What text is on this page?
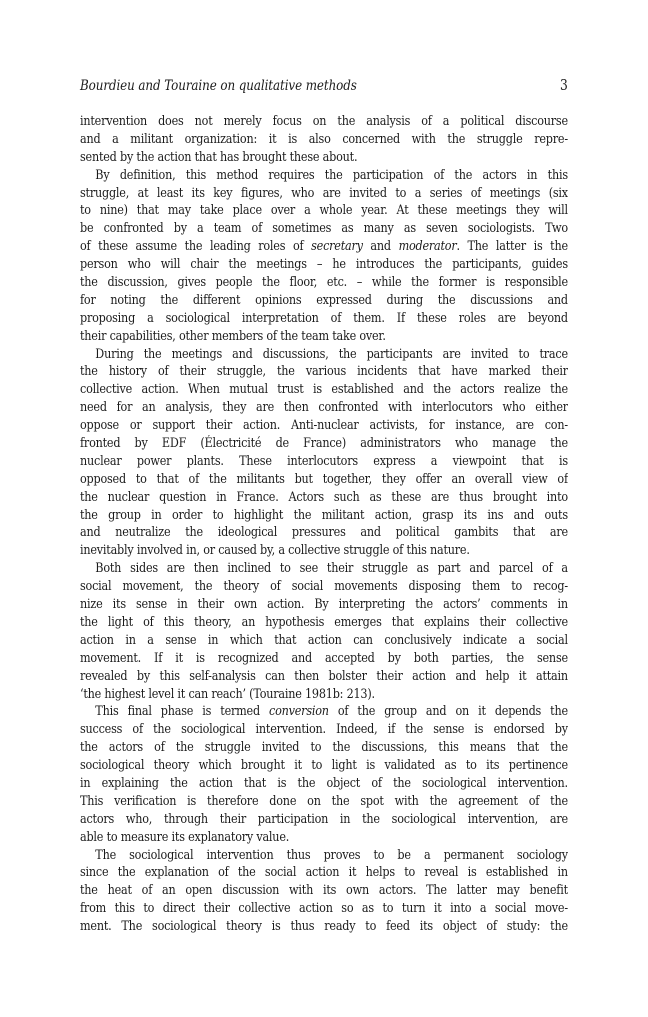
Bourdieu and Touraine on qualitative methods	3
intervention does not merely focus on the analysis of a political discourse
and a militant organization: it is also concerned with the struggle repre-
sented by the action that has brought these about.
By definition, this method requires the participation of the actors in this
struggle, at least its key figures, who are invited to a series of meetings (six
to nine) that may take place over a whole year. At these meetings they will
be confronted by a team of sometimes as many as seven sociologists. Two
of these assume the leading roles of secretary and moderator. The latter is the
person who will chair the meetings – he introduces the participants, guides
the discussion, gives people the floor, etc. – while the former is responsible
for noting the different opinions expressed during the discussions and
proposing a sociological interpretation of them. If these roles are beyond
their capabilities, other members of the team take over.
During the meetings and discussions, the participants are invited to trace
the history of their struggle, the various incidents that have marked their
collective action. When mutual trust is established and the actors realize the
need for an analysis, they are then confronted with interlocutors who either
oppose or support their action. Anti-nuclear activists, for instance, are con-
fronted by EDF (Électricité de France) administrators who manage the
nuclear power plants. These interlocutors express a viewpoint that is
opposed to that of the militants but together, they offer an overall view of
the nuclear question in France. Actors such as these are thus brought into
the group in order to highlight the militant action, grasp its ins and outs
and neutralize the ideological pressures and political gambits that are
inevitably involved in, or caused by, a collective struggle of this nature.
Both sides are then inclined to see their struggle as part and parcel of a
social movement, the theory of social movements disposing them to recog-
nize its sense in their own action. By interpreting the actors’ comments in
the light of this theory, an hypothesis emerges that explains their collective
action in a sense in which that action can conclusively indicate a social
movement. If it is recognized and accepted by both parties, the sense
revealed by this self-analysis can then bolster their action and help it attain
‘the highest level it can reach’ (Touraine 1981b: 213).
This final phase is termed conversion of the group and on it depends the
success of the sociological intervention. Indeed, if the sense is endorsed by
the actors of the struggle invited to the discussions, this means that the
sociological theory which brought it to light is validated as to its pertinence
in explaining the action that is the object of the sociological intervention.
This verification is therefore done on the spot with the agreement of the
actors who, through their participation in the sociological intervention, are
able to measure its explanatory value.
The sociological intervention thus proves to be a permanent sociology
since the explanation of the social action it helps to reveal is established in
the heat of an open discussion with its own actors. The latter may benefit
from this to direct their collective action so as to turn it into a social move-
ment. The sociological theory is thus ready to feed its object of study: the
